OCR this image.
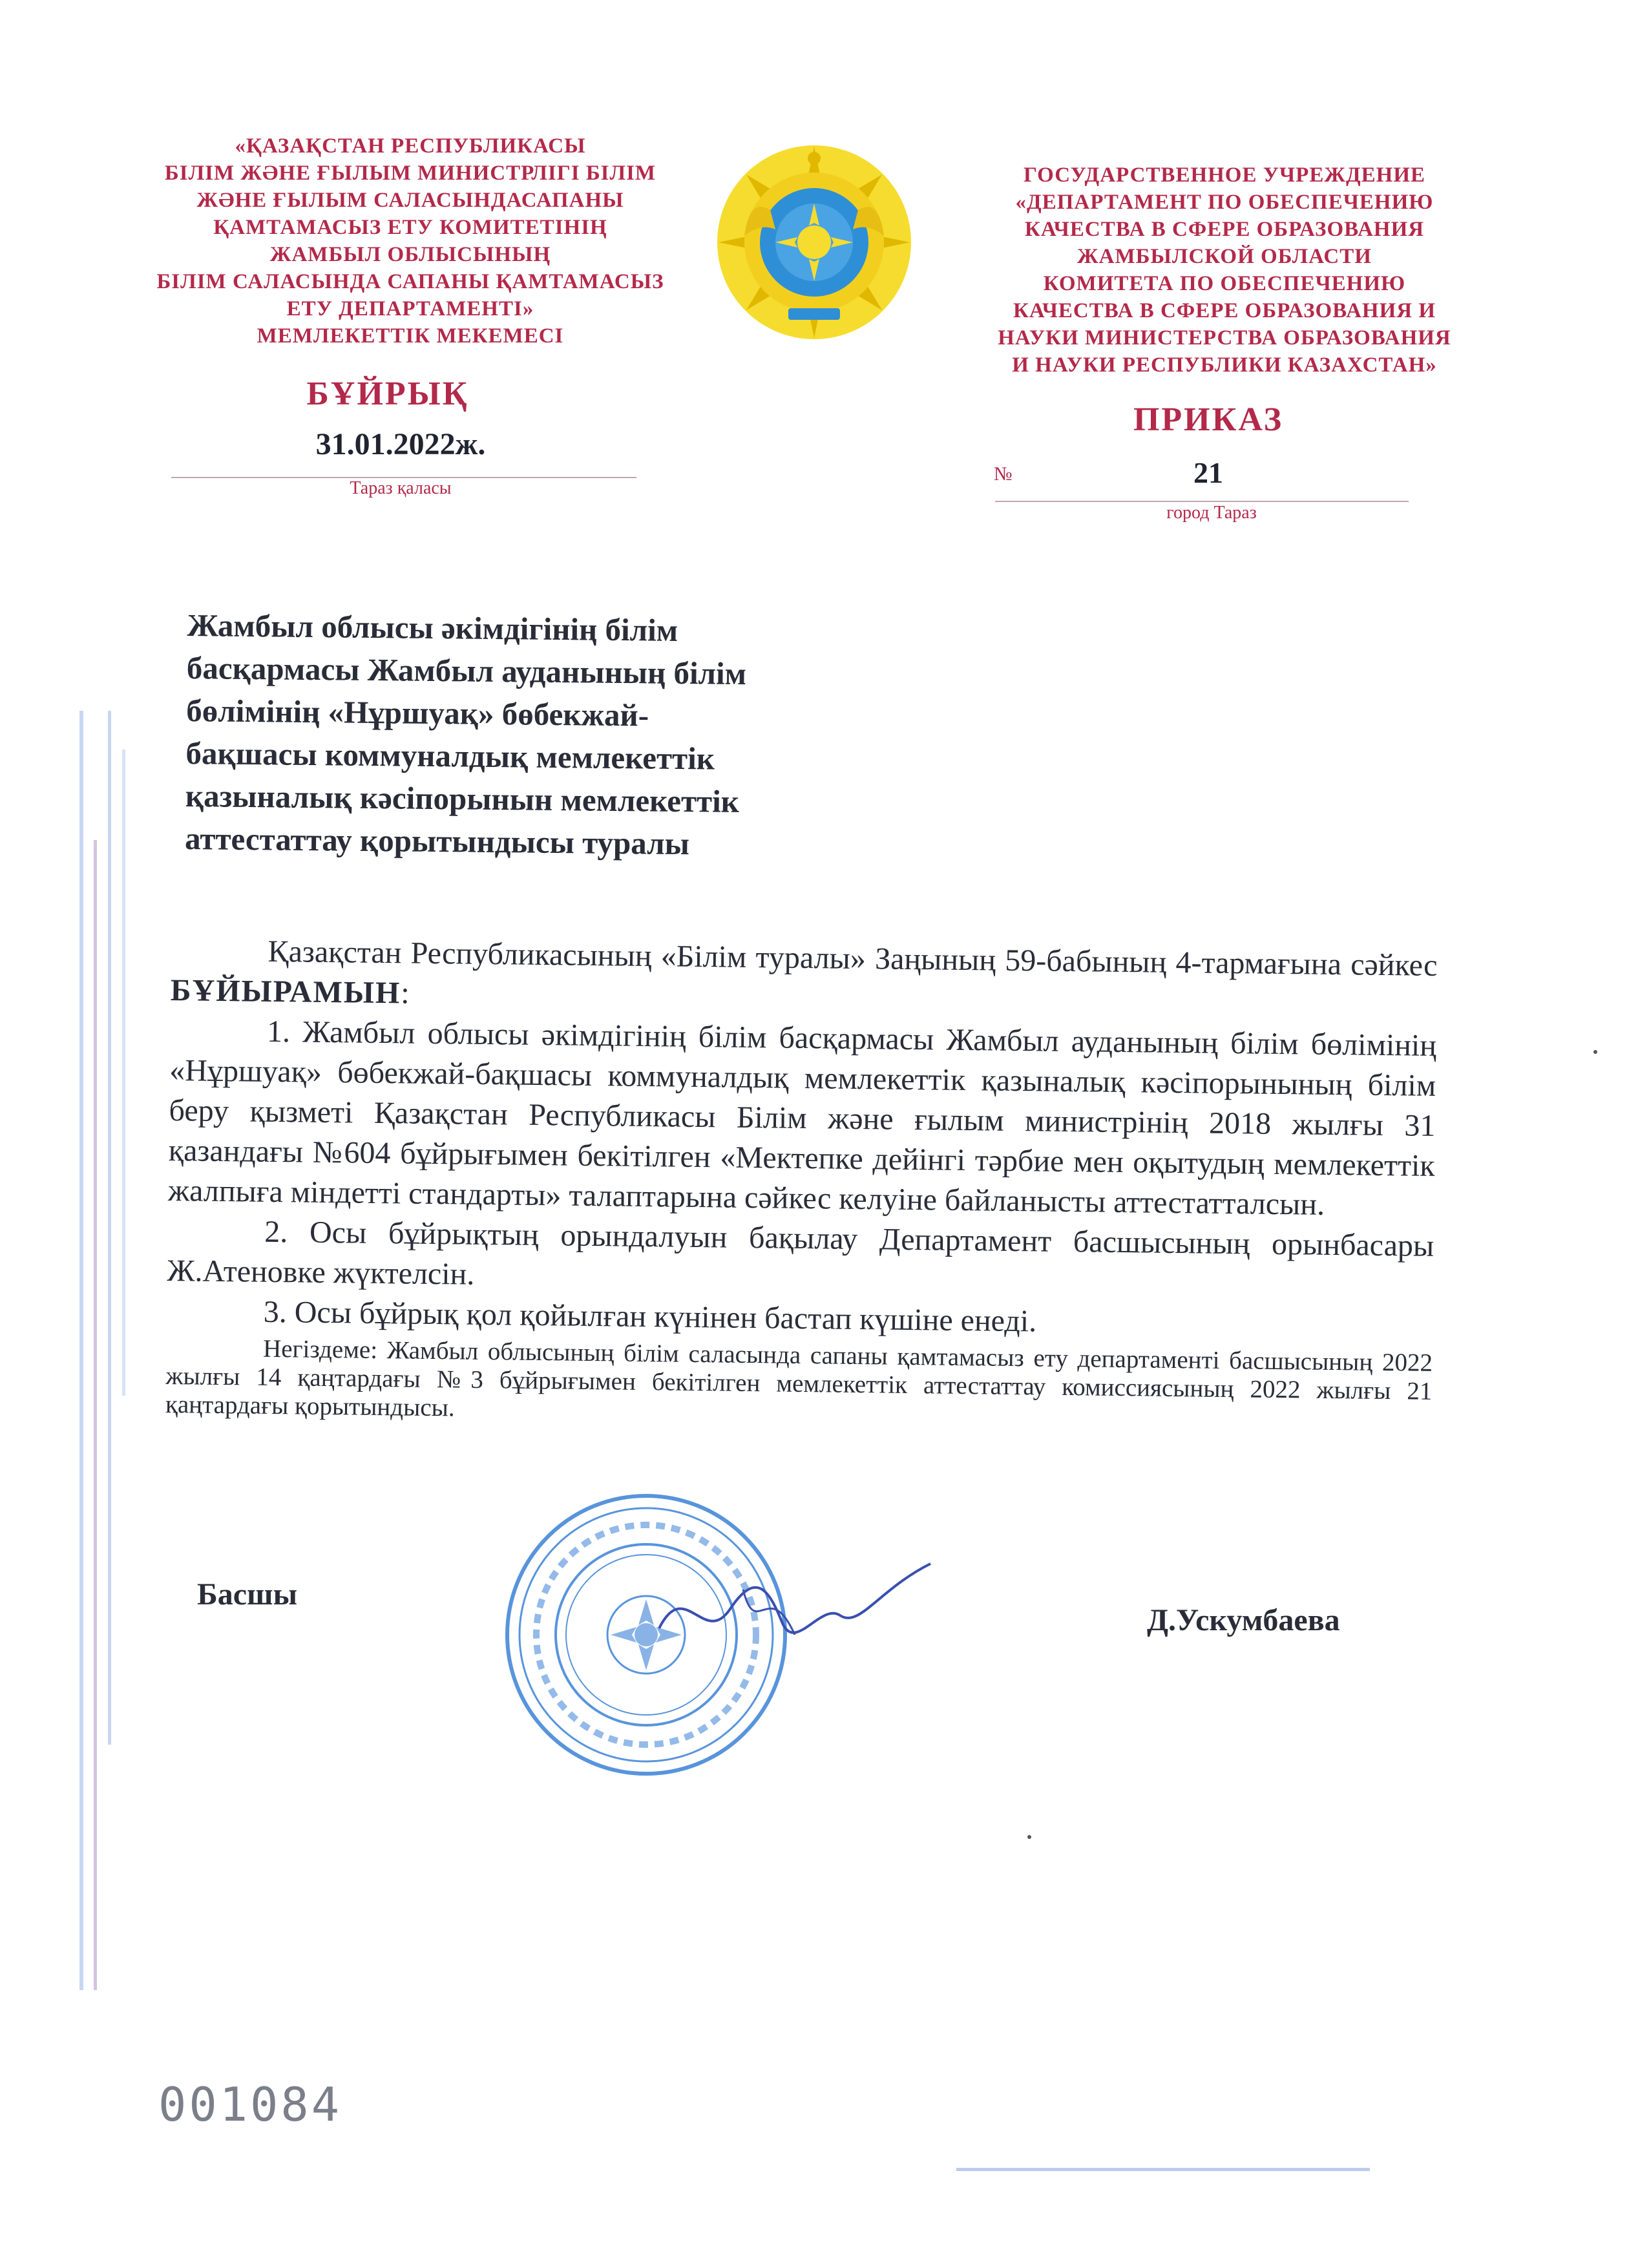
«ҚАЗАҚСТАН РЕСПУБЛИКАСЫ
БІЛІМ ЖӘНЕ ҒЫЛЫМ МИНИСТРЛІГІ БІЛІМ
ЖӘНЕ ҒЫЛЫМ САЛАСЫНДАСАПАНЫ
ҚАМТАМАСЫЗ ЕТУ КОМИТЕТІНІҢ
ЖАМБЫЛ ОБЛЫСЫНЫҢ
БІЛІМ САЛАСЫНДА САПАНЫ ҚАМТАМАСЫЗ
ЕТУ ДЕПАРТАМЕНТІ»
МЕМЛЕКЕТТІК МЕКЕМЕСІ
ГОСУДАРСТВЕННОЕ УЧРЕЖДЕНИЕ
«ДЕПАРТАМЕНТ ПО ОБЕСПЕЧЕНИЮ
КАЧЕСТВА В СФЕРЕ ОБРАЗОВАНИЯ
ЖАМБЫЛСКОЙ ОБЛАСТИ
КОМИТЕТА ПО ОБЕСПЕЧЕНИЮ
КАЧЕСТВА В СФЕРЕ ОБРАЗОВАНИЯ И
НАУКИ МИНИСТЕРСТВА ОБРАЗОВАНИЯ
И НАУКИ РЕСПУБЛИКИ КАЗАХСТАН»
БҰЙРЫҚ
31.01.2022ж.
Тараз қаласы
ПРИКАЗ
№	21
город Тараз
Жамбыл облысы әкімдігінің білім
басқармасы Жамбыл ауданының білім
бөлімінің «Нұршуақ» бөбекжай-
бақшасы коммуналдық мемлекеттік
қазыналық кәсіпорынын мемлекеттік
аттестаттау қорытындысы туралы

Қазақстан Республикасының «Білім туралы» Заңының 59-бабының 4-тармағына сәйкес БҰЙЫРАМЫН:

1. Жамбыл облысы әкімдігінің білім басқармасы Жамбыл ауданының білім бөлімінің «Нұршуақ» бөбекжай-бақшасы коммуналдық мемлекеттік қазыналық кәсіпорынының білім беру қызметі Қазақстан Республикасы Білім және ғылым министрінің 2018 жылғы 31 қазандағы №604 бұйрығымен бекітілген «Мектепке дейінгі тәрбие мен оқытудың мемлекеттік жалпыға міндетті стандарты» талаптарына сәйкес келуіне байланысты аттестатталсын.

2. Осы бұйрықтың орындалуын бақылау Департамент басшысының орынбасары Ж.Атеновке жүктелсін.

3. Осы бұйрық қол қойылған күнінен бастап күшіне енеді.

Негіздеме: Жамбыл облысының білім саласында сапаны қамтамасыз ету департаменті басшысының 2022 жылғы 14 қаңтардағы №3 бұйрығымен бекітілген мемлекеттік аттестаттау комиссиясының 2022 жылғы 21 қаңтардағы қорытындысы.

Басшы
Д.Ускумбаева
001084
